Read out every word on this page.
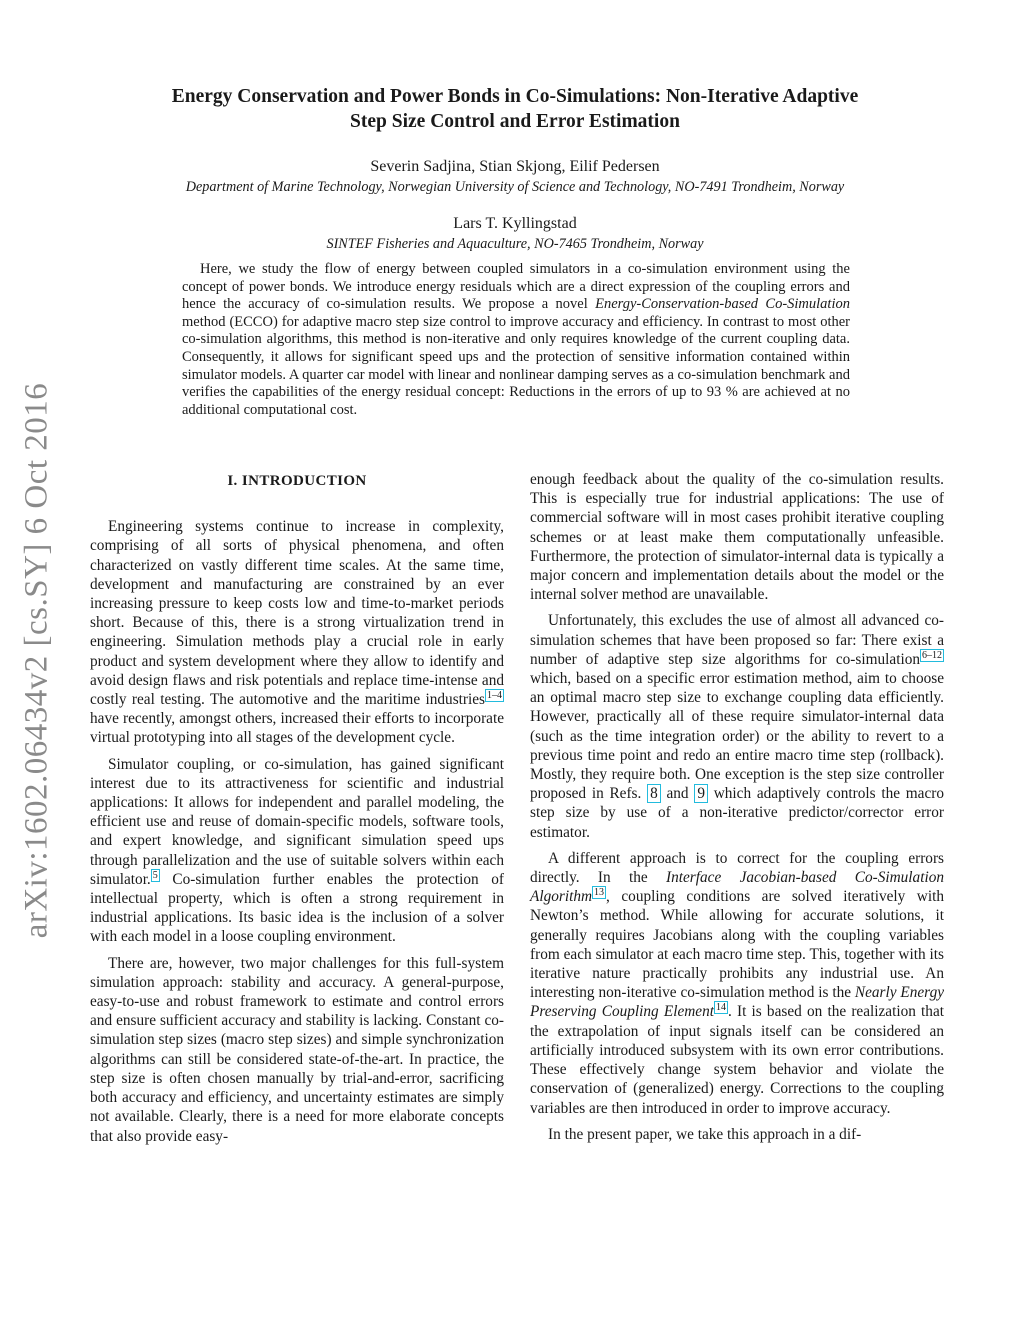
arXiv:1602.06434v2 [cs.SY] 6 Oct 2016
Energy Conservation and Power Bonds in Co-Simulations: Non-Iterative Adaptive
Step Size Control and Error Estimation
Severin Sadjina, Stian Skjong, Eilif Pedersen
Department of Marine Technology, Norwegian University of Science and Technology, NO-7491 Trondheim, Norway
Lars T. Kyllingstad
SINTEF Fisheries and Aquaculture, NO-7465 Trondheim, Norway
Here, we study the flow of energy between coupled simulators in a co-simulation environment using the concept of power bonds. We introduce energy residuals which are a direct expression of the coupling errors and hence the accuracy of co-simulation results. We propose a novel Energy-Conservation-based Co-Simulation method (ECCO) for adaptive macro step size control to improve accuracy and efficiency. In contrast to most other co-simulation algorithms, this method is non-iterative and only requires knowledge of the current coupling data. Consequently, it allows for significant speed ups and the protection of sensitive information contained within simulator models. A quarter car model with linear and nonlinear damping serves as a co-simulation benchmark and verifies the capabilities of the energy residual concept: Reductions in the errors of up to 93 % are achieved at no additional computational cost.
I. INTRODUCTION

Engineering systems continue to increase in complexity, comprising of all sorts of physical phenomena, and often characterized on vastly different time scales. At the same time, development and manufacturing are constrained by an ever increasing pressure to keep costs low and time-to-market periods short. Because of this, there is a strong virtualization trend in engineering. Simulation methods play a crucial role in early product and system development where they allow to identify and avoid design flaws and risk potentials and replace time-intense and costly real testing. The automotive and the maritime industries $^{1-4}$ have recently, amongst others, increased their efforts to incorporate virtual prototyping into all stages of the development cycle.

Simulator coupling, or co-simulation, has gained significant interest due to its attractiveness for scientific and industrial applications: It allows for independent and parallel modeling, the efficient use and reuse of domain-specific models, software tools, and expert knowledge, and significant simulation speed ups through parallelization and the use of suitable solvers within each simulator. $^5$ Co-simulation further enables the protection of intellectual property, which is often a strong requirement in industrial applications. Its basic idea is the inclusion of a solver with each model in a loose coupling environment.

There are, however, two major challenges for this full-system simulation approach: stability and accuracy. A general-purpose, easy-to-use and robust framework to estimate and control errors and ensure sufficient accuracy and stability is lacking. Constant co-simulation step sizes (macro step sizes) and simple synchronization algorithms can still be considered state-of-the-art. In practice, the step size is often chosen manually by trial-and-error, sacrificing both accuracy and efficiency, and uncertainty estimates are simply not available. Clearly, there is a need for more elaborate concepts that also provide easy-

enough feedback about the quality of the co-simulation results. This is especially true for industrial applications: The use of commercial software will in most cases prohibit iterative coupling schemes or at least make them computationally unfeasible. Furthermore, the protection of simulator-internal data is typically a major concern and implementation details about the model or the internal solver method are unavailable.

Unfortunately, this excludes the use of almost all advanced co-simulation schemes that have been proposed so far: There exist a number of adaptive step size algorithms for co-simulation $^{6-12}$ which, based on a specific error estimation method, aim to choose an optimal macro step size to exchange coupling data efficiently. However, practically all of these require simulator-internal data (such as the time integration order) or the ability to revert to a previous time point and redo an entire macro time step (rollback). Mostly, they require both. One exception is the step size controller proposed in Refs. 8 and 9 which adaptively controls the macro step size by use of a non-iterative predictor/corrector error estimator.

A different approach is to correct for the coupling errors directly. In the Interface Jacobian-based Co-Simulation Algorithm $^{13}$ , coupling conditions are solved iteratively with Newton’s method. While allowing for accurate solutions, it generally requires Jacobians along with the coupling variables from each simulator at each macro time step. This, together with its iterative nature practically prohibits any industrial use. An interesting non-iterative co-simulation method is the Nearly Energy Preserving Coupling Element $^{14}$ . It is based on the realization that the extrapolation of input signals itself can be considered an artificially introduced subsystem with its own error contributions. These effectively change system behavior and violate the conservation of (generalized) energy. Corrections to the coupling variables are then introduced in order to improve accuracy.

In the present paper, we take this approach in a dif-
